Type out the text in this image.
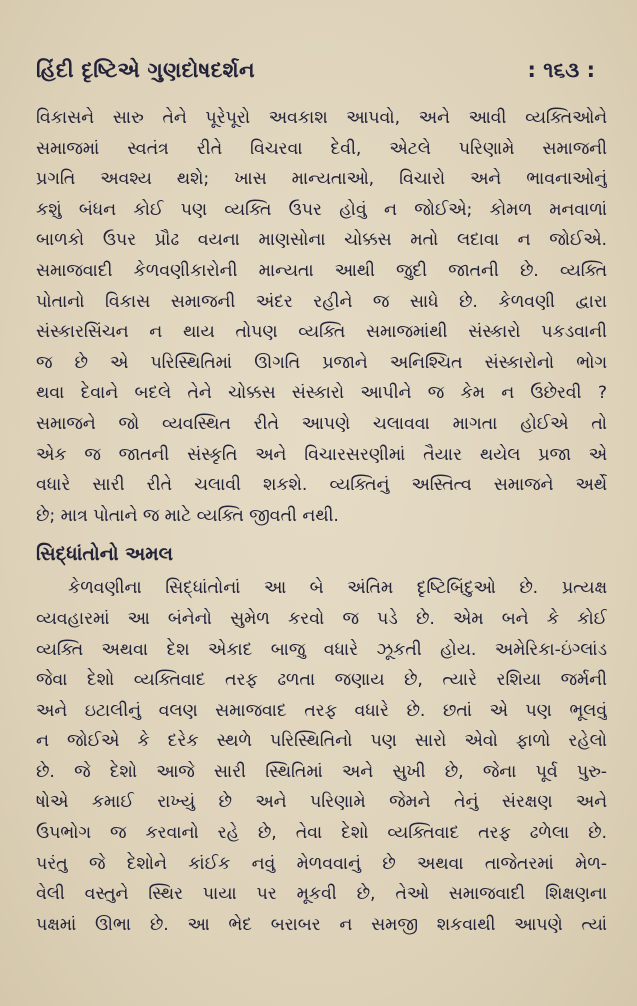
હિંદી દૃષ્ટિએ ગુણદોષદર્શન	: ૧૬૩ :
વિકાસને સારુ તેને પૂરેપૂરો અવકાશ આપવો, અને આવી વ્યક્તિઓને
સમાજમાં સ્વતંત્ર રીતે વિચરવા દેવી, એટલે પરિણામે સમાજની
પ્રગતિ અવશ્ય થશે; ખાસ માન્યતાઓ, વિચારો અને ભાવનાઓનું
કશું બંધન કોઈ પણ વ્યક્તિ ઉપર હોવું ન જોઈએ; કોમળ મનવાળાં
બાળકો ઉપર પ્રૌઢ વયના માણસોના ચોક્કસ મતો લદાવા ન જોઈએ.
સમાજવાદી કેળવણીકારોની માન્યતા આથી જુદી જાતની છે. વ્યક્તિ
પોતાનો વિકાસ સમાજની અંદર રહીને જ સાધે છે. કેળવણી દ્વારા
સંસ્કારસિંચન ન થાય તોપણ વ્યક્તિ સમાજમાંથી સંસ્કારો પકડવાની
જ છે એ પરિસ્થિતિમાં ઊગતિ પ્રજાને અનિશ્ચિત સંસ્કારોનો ભોગ
થવા દેવાને બદલે તેને ચોક્કસ સંસ્કારો આપીને જ કેમ ન ઉછેરવી ?
સમાજને જો વ્યવસ્થિત રીતે આપણે ચલાવવા માગતા હોઈએ તો
એક જ જાતની સંસ્કૃતિ અને વિચારસરણીમાં તૈયાર થયેલ પ્રજા એ
વધારે સારી રીતે ચલાવી શકશે. વ્યક્તિનું અસ્તિત્વ સમાજને અર્થે
છે; માત્ર પોતાને જ માટે વ્યક્તિ જીવતી નથી.
સિદ્ધાંતોનો અમલ
કેળવણીના સિદ્ધાંતોનાં આ બે અંતિમ દૃષ્ટિબિંદુઓ છે. પ્રત્યક્ષ
વ્યવહારમાં આ બંનેનો સુમેળ કરવો જ પડે છે. એમ બને કે કોઈ
વ્યક્તિ અથવા દેશ એકાદ બાજુ વધારે ઝૂકતી હોય. અમેરિકા-ઇંગ્લાંડ
જેવા દેશો વ્યક્તિવાદ તરફ ઢળતા જણાય છે, ત્યારે રશિયા જર્મની
અને ઇટાલીનું વલણ સમાજવાદ તરફ વધારે છે. છતાં એ પણ ભૂલવું
ન જોઈએ કે દરેક સ્થળે પરિસ્થિતિનો પણ સારો એવો ફાળો રહેલો
છે. જે દેશો આજે સારી સ્થિતિમાં અને સુખી છે, જેના પૂર્વ પુરુ-
ષોએ કમાઈ રાખ્યું છે અને પરિણામે જેમને તેનું સંરક્ષણ અને
ઉપભોગ જ કરવાનો રહે છે, તેવા દેશો વ્યક્તિવાદ તરફ ઢળેલા છે.
પરંતુ જે દેશોને કાંઈક નવું મેળવવાનું છે અથવા તાજેતરમાં મેળ-
વેલી વસ્તુને સ્થિર પાયા પર મૂકવી છે, તેઓ સમાજવાદી શિક્ષણના
પક્ષમાં ઊભા છે. આ ભેદ બરાબર ન સમજી શકવાથી આપણે ત્યાં
